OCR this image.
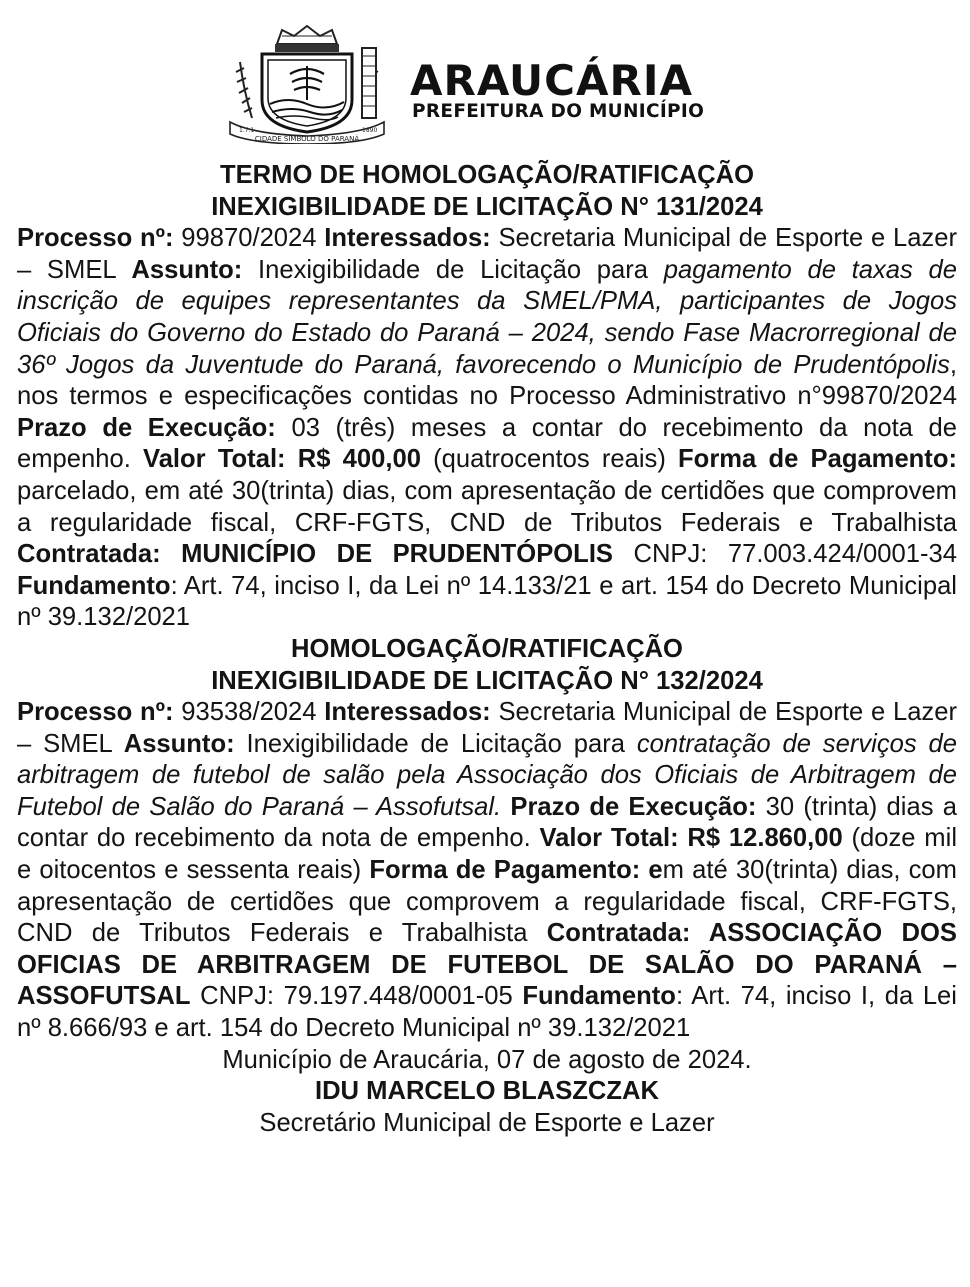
CIDADE SÍMBOLO DO PARANÁ
1.7.1	1890
ARAUCÁRIA
PREFEITURA DO MUNICÍPIO

TERMO DE HOMOLOGAÇÃO/RATIFICAÇÃO

INEXIGIBILIDADE DE LICITAÇÃO N° 131/2024

Processo nº: 99870/2024 Interessados: Secretaria Municipal de Esporte e Lazer – SMEL Assunto: Inexigibilidade de Licitação para pagamento de taxas de inscrição de equipes representantes da SMEL/PMA, participantes de Jogos Oficiais do Governo do Estado do Paraná – 2024, sendo Fase Macrorregional de 36º Jogos da Juventude do Paraná, favorecendo o Município de Prudentópolis, nos termos e especificações contidas no Processo Administrativo n°99870/2024 Prazo de Execução: 03 (três) meses a contar do recebimento da nota de empenho. Valor Total: R$ 400,00 (quatrocentos reais) Forma de Pagamento: parcelado, em até 30(trinta) dias, com apresentação de certidões que comprovem a regularidade fiscal, CRF-FGTS, CND de Tributos Federais e Trabalhista Contratada: MUNICÍPIO DE PRUDENTÓPOLIS CNPJ: 77.003.424/0001-34 Fundamento: Art. 74, inciso I, da Lei nº 14.133/21 e art. 154 do Decreto Municipal nº 39.132/2021

HOMOLOGAÇÃO/RATIFICAÇÃO

INEXIGIBILIDADE DE LICITAÇÃO N° 132/2024

Processo nº: 93538/2024 Interessados: Secretaria Municipal de Esporte e Lazer – SMEL Assunto: Inexigibilidade de Licitação para contratação de serviços de arbitragem de futebol de salão pela Associação dos Oficiais de Arbitragem de Futebol de Salão do Paraná – Assofutsal. Prazo de Execução: 30 (trinta) dias a contar do recebimento da nota de empenho. Valor Total: R$ 12.860,00 (doze mil e oitocentos e sessenta reais) Forma de Pagamento: em até 30(trinta) dias, com apresentação de certidões que comprovem a regularidade fiscal, CRF-FGTS, CND de Tributos Federais e Trabalhista Contratada: ASSOCIAÇÃO DOS OFICIAS DE ARBITRAGEM DE FUTEBOL DE SALÃO DO PARANÁ – ASSOFUTSAL CNPJ: 79.197.448/0001-05 Fundamento: Art. 74, inciso I, da Lei nº 8.666/93 e art. 154 do Decreto Municipal nº 39.132/2021

Município de Araucária, 07 de agosto de 2024.

IDU MARCELO BLASZCZAK

Secretário Municipal de Esporte e Lazer
